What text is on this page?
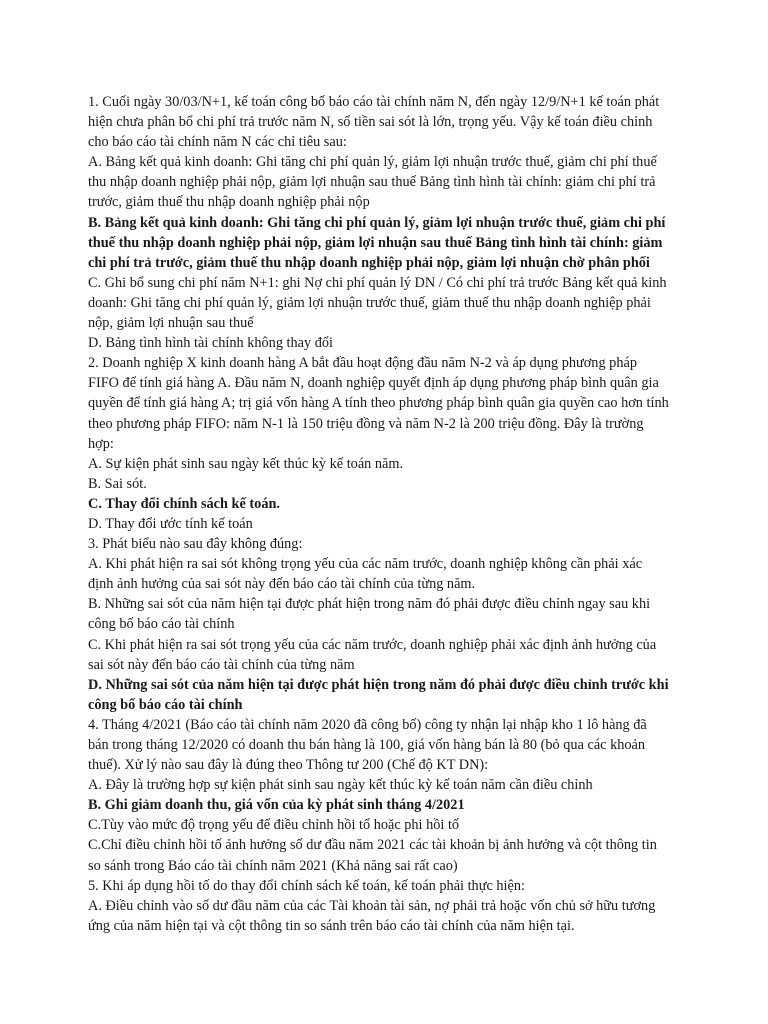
1. Cuối ngày 30/03/N+1, kế toán công bố báo cáo tài chính năm N, đến ngày 12/9/N+1 kế toán phát
hiện chưa phân bổ chi phí trả trước năm N, số tiền sai sót là lớn, trọng yếu. Vậy kế toán điều chỉnh
cho báo cáo tài chính năm N các chỉ tiêu sau:
A. Bảng kết quả kinh doanh: Ghi tăng chi phí quản lý, giảm lợi nhuận trước thuế, giảm chi phí thuế
thu nhập doanh nghiệp phải nộp, giảm lợi nhuận sau thuế Bảng tình hình tài chính: giảm chi phí trả
trước, giảm thuế thu nhập doanh nghiệp phải nộp
B. Bảng kết quả kinh doanh: Ghi tăng chi phí quản lý, giảm lợi nhuận trước thuế, giảm chi phí
thuế thu nhập doanh nghiệp phải nộp, giảm lợi nhuận sau thuế Bảng tình hình tài chính: giảm
chi phí trả trước, giảm thuế thu nhập doanh nghiệp phải nộp, giảm lợi nhuận chờ phân phối
C. Ghi bổ sung chi phí năm N+1: ghi Nợ chi phí quản lý DN / Có chi phí trả trước Bảng kết quả kinh
doanh: Ghi tăng chi phí quản lý, giảm lợi nhuận trước thuế, giảm thuế thu nhập doanh nghiệp phải
nộp, giảm lợi nhuận sau thuế
D. Bảng tình hình tài chính không thay đổi
2. Doanh nghiệp X kinh doanh hàng A bắt đầu hoạt động đầu năm N-2 và áp dụng phương pháp
FIFO để tính giá hàng A. Đầu năm N, doanh nghiệp quyết định áp dụng phương pháp bình quân gia
quyền để tính giá hàng A; trị giá vốn hàng A tính theo phương pháp bình quân gia quyền cao hơn tính
theo phương pháp FIFO: năm N-1 là 150 triệu đồng và năm N-2 là 200 triệu đồng. Đây là trường
hợp:
A. Sự kiện phát sinh sau ngày kết thúc kỳ kế toán năm.
B. Sai sót.
C. Thay đổi chính sách kế toán.
D. Thay đổi ước tính kế toán
3. Phát biểu nào sau đây không đúng:
A. Khi phát hiện ra sai sót không trọng yếu của các năm trước, doanh nghiệp không cần phải xác
định ảnh hưởng của sai sót này đến báo cáo tài chính của từng năm.
B. Những sai sót của năm hiện tại được phát hiện trong năm đó phải được điều chỉnh ngay sau khi
công bố báo cáo tài chính
C. Khi phát hiện ra sai sót trọng yếu của các năm trước, doanh nghiệp phải xác định ảnh hưởng của
sai sót này đến báo cáo tài chính của từng năm
D. Những sai sót của năm hiện tại được phát hiện trong năm đó phải được điều chỉnh trước khi
công bố báo cáo tài chính
4. Tháng 4/2021 (Báo cáo tài chính năm 2020 đã công bố) công ty nhận lại nhập kho 1 lô hàng đã
bán trong tháng 12/2020 có doanh thu bán hàng là 100, giá vốn hàng bán là 80 (bỏ qua các khoản
thuế). Xử lý nào sau đây là đúng theo Thông tư 200 (Chế độ KT DN):
A. Đây là trường hợp sự kiện phát sinh sau ngày kết thúc kỳ kế toán năm cần điều chỉnh
B. Ghi giảm doanh thu, giá vốn của kỳ phát sinh tháng 4/2021
C.Tùy vào mức độ trọng yếu để điều chỉnh hồi tố hoặc phi hồi tố
C.Chỉ điều chỉnh hồi tố ảnh hưởng số dư đầu năm 2021 các tài khoản bị ảnh hưởng và cột thông tin
so sánh trong Báo cáo tài chính năm 2021 (Khả năng sai rất cao)
5. Khi áp dụng hồi tố do thay đổi chính sách kế toán, kế toán phải thực hiện:
A. Điều chỉnh vào số dư đầu năm của các Tài khoản tài sản, nợ phải trả hoặc vốn chủ sở hữu tương
ứng của năm hiện tại và cột thông tin so sánh trên báo cáo tài chính của năm hiện tại.
